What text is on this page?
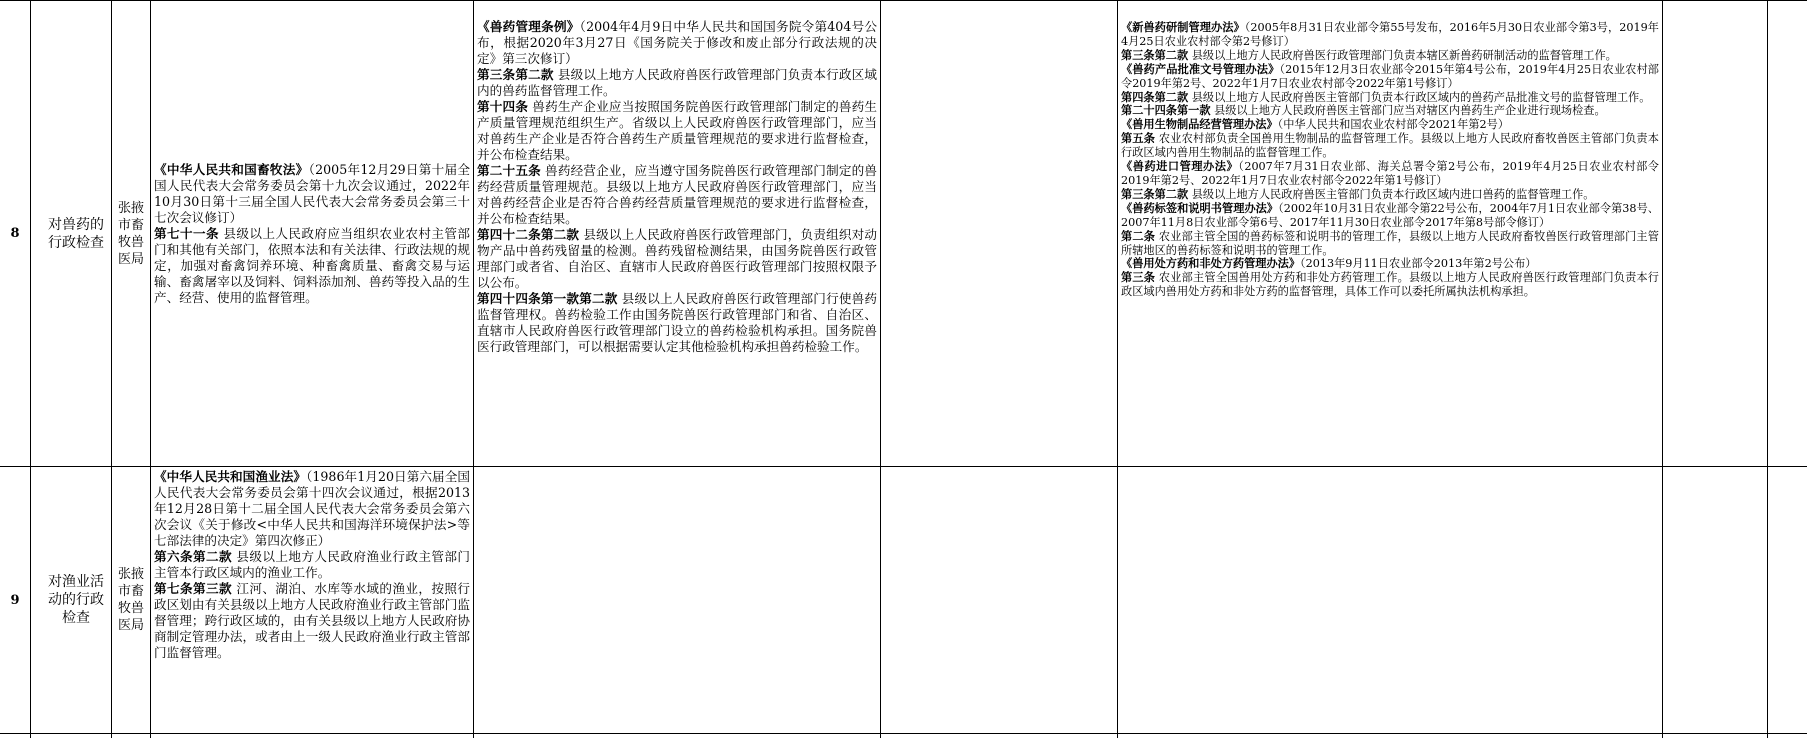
8
对兽药的行政检查
张掖市畜牧兽医局
《中华人民共和国畜牧法》（2005年12月29日第十届全国人民代表大会常务委员会第十九次会议通过，2022年10月30日第十三届全国人民代表大会常务委员会第三十七次会议修订）
第七十一条 县级以上人民政府应当组织农业农村主管部门和其他有关部门，依照本法和有关法律、行政法规的规定，加强对畜禽饲养环境、种畜禽质量、畜禽交易与运输、畜禽屠宰以及饲料、饲料添加剂、兽药等投入品的生产、经营、使用的监督管理。
《兽药管理条例》（2004年4月9日中华人民共和国国务院令第404号公布，根据2020年3月27日《国务院关于修改和废止部分行政法规的决定》第三次修订）
第三条第二款 县级以上地方人民政府兽医行政管理部门负责本行政区域内的兽药监督管理工作。
第十四条 兽药生产企业应当按照国务院兽医行政管理部门制定的兽药生产质量管理规范组织生产。省级以上人民政府兽医行政管理部门，应当对兽药生产企业是否符合兽药生产质量管理规范的要求进行监督检查，并公布检查结果。
第二十五条 兽药经营企业，应当遵守国务院兽医行政管理部门制定的兽药经营质量管理规范。县级以上地方人民政府兽医行政管理部门，应当对兽药经营企业是否符合兽药经营质量管理规范的要求进行监督检查，并公布检查结果。
第四十二条第二款 县级以上人民政府兽医行政管理部门，负责组织对动物产品中兽药残留量的检测。兽药残留检测结果，由国务院兽医行政管理部门或者省、自治区、直辖市人民政府兽医行政管理部门按照权限予以公布。
第四十四条第一款第二款 县级以上人民政府兽医行政管理部门行使兽药监督管理权。兽药检验工作由国务院兽医行政管理部门和省、自治区、直辖市人民政府兽医行政管理部门设立的兽药检验机构承担。国务院兽医行政管理部门，可以根据需要认定其他检验机构承担兽药检验工作。
《新兽药研制管理办法》（2005年8月31日农业部令第55号发布，2016年5月30日农业部令第3号，2019年4月25日农业农村部令第2号修订）
第三条第二款 县级以上地方人民政府兽医行政管理部门负责本辖区新兽药研制活动的监督管理工作。
《兽药产品批准文号管理办法》（2015年12月3日农业部令2015年第4号公布，2019年4月25日农业农村部令2019年第2号、2022年1月7日农业农村部令2022年第1号修订）
第四条第二款 县级以上地方人民政府兽医主管部门负责本行政区域内的兽药产品批准文号的监督管理工作。
第二十四条第一款 县级以上地方人民政府兽医主管部门应当对辖区内兽药生产企业进行现场检查。
《兽用生物制品经营管理办法》（中华人民共和国农业农村部令2021年第2号）
第五条 农业农村部负责全国兽用生物制品的监督管理工作。县级以上地方人民政府畜牧兽医主管部门负责本行政区域内兽用生物制品的监督管理工作。
《兽药进口管理办法》（2007年7月31日农业部、海关总署令第2号公布，2019年4月25日农业农村部令2019年第2号、2022年1月7日农业农村部令2022年第1号修订）
第三条第二款 县级以上地方人民政府兽医主管部门负责本行政区域内进口兽药的监督管理工作。
《兽药标签和说明书管理办法》（2002年10月31日农业部令第22号公布，2004年7月1日农业部令第38号、2007年11月8日农业部令第6号、2017年11月30日农业部令2017年第8号部令修订）
第二条 农业部主管全国的兽药标签和说明书的管理工作，县级以上地方人民政府畜牧兽医行政管理部门主管所辖地区的兽药标签和说明书的管理工作。
《兽用处方药和非处方药管理办法》（2013年9月11日农业部令2013年第2号公布）
第三条 农业部主管全国兽用处方药和非处方药管理工作。县级以上地方人民政府兽医行政管理部门负责本行政区域内兽用处方药和非处方药的监督管理，具体工作可以委托所属执法机构承担。
对渔业活动的行政检查
9
张掖市畜牧兽医局
《中华人民共和国渔业法》（1986年1月20日第六届全国人民代表大会常务委员会第十四次会议通过，根据2013年12月28日第十二届全国人民代表大会常务委员会第六次会议《关于修改<中华人民共和国海洋环境保护法>等七部法律的决定》第四次修正）
第六条第二款 县级以上地方人民政府渔业行政主管部门主管本行政区域内的渔业工作。
第七条第三款 江河、湖泊、水库等水域的渔业，按照行政区划由有关县级以上地方人民政府渔业行政主管部门监督管理；跨行政区域的，由有关县级以上地方人民政府协商制定管理办法，或者由上一级人民政府渔业行政主管部门监督管理。
